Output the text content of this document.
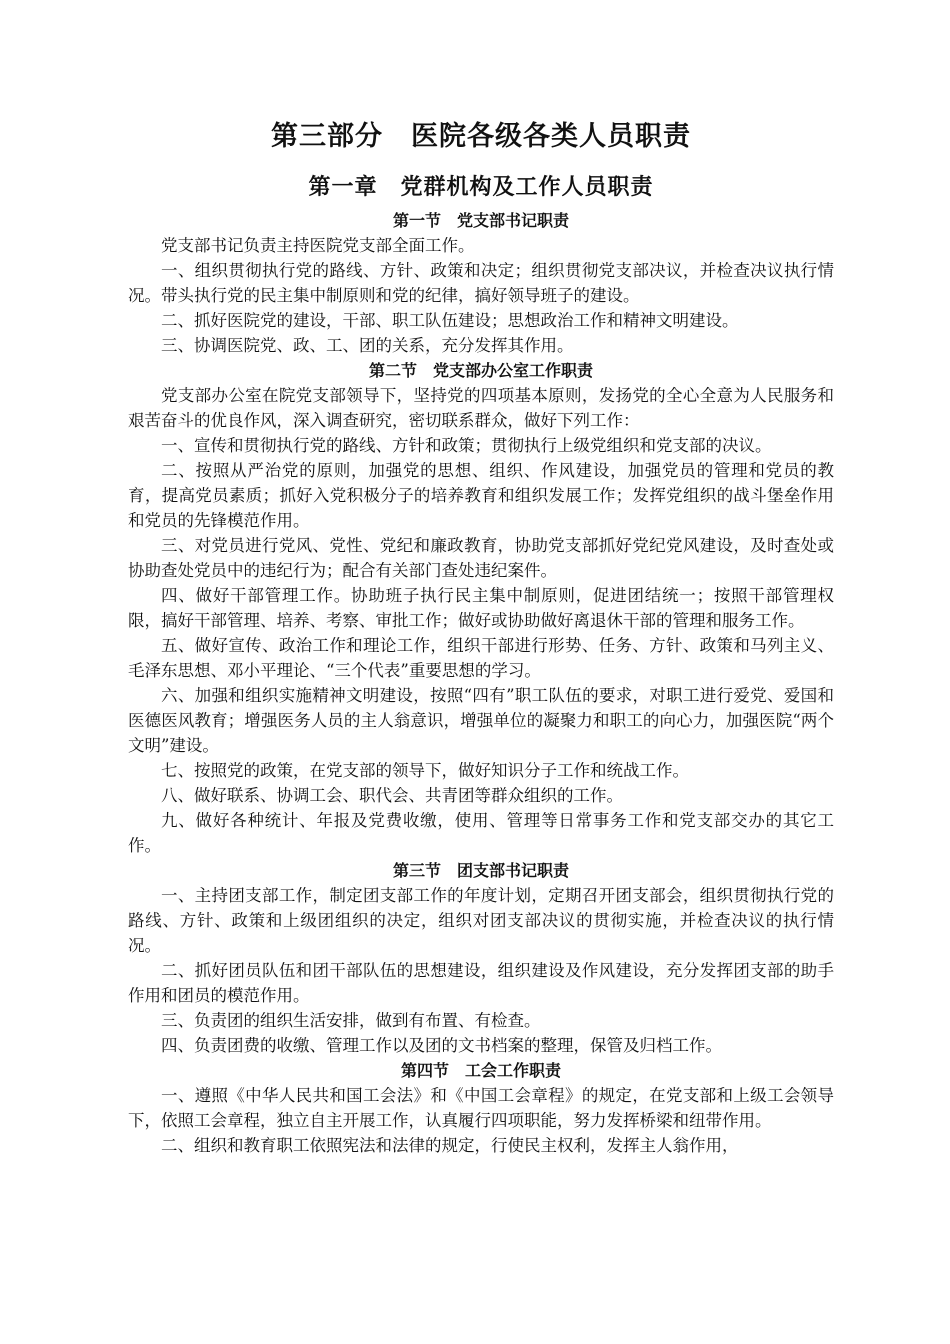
第三部分　医院各级各类人员职责
第一章　党群机构及工作人员职责
第一节　党支部书记职责

党支部书记负责主持医院党支部全面工作。

一、组织贯彻执行党的路线、方针、政策和决定；组织贯彻党支部决议，并检查决议执行情况。带头执行党的民主集中制原则和党的纪律，搞好领导班子的建设。

二、抓好医院党的建设，干部、职工队伍建设；思想政治工作和精神文明建设。

三、协调医院党、政、工、团的关系，充分发挥其作用。

第二节　党支部办公室工作职责

党支部办公室在院党支部领导下，坚持党的四项基本原则，发扬党的全心全意为人民服务和艰苦奋斗的优良作风，深入调查研究，密切联系群众，做好下列工作：

一、宣传和贯彻执行党的路线、方针和政策；贯彻执行上级党组织和党支部的决议。

二、按照从严治党的原则，加强党的思想、组织、作风建设，加强党员的管理和党员的教育，提高党员素质；抓好入党积极分子的培养教育和组织发展工作；发挥党组织的战斗堡垒作用和党员的先锋模范作用。

三、对党员进行党风、党性、党纪和廉政教育，协助党支部抓好党纪党风建设，及时查处或协助查处党员中的违纪行为；配合有关部门查处违纪案件。

四、做好干部管理工作。协助班子执行民主集中制原则，促进团结统一；按照干部管理权限，搞好干部管理、培养、考察、审批工作；做好或协助做好离退休干部的管理和服务工作。

五、做好宣传、政治工作和理论工作，组织干部进行形势、任务、方针、政策和马列主义、毛泽东思想、邓小平理论、“三个代表”重要思想的学习。

六、加强和组织实施精神文明建设，按照“四有”职工队伍的要求，对职工进行爱党、爱国和医德医风教育；增强医务人员的主人翁意识，增强单位的凝聚力和职工的向心力，加强医院“两个文明”建设。

七、按照党的政策，在党支部的领导下，做好知识分子工作和统战工作。

八、做好联系、协调工会、职代会、共青团等群众组织的工作。

九、做好各种统计、年报及党费收缴，使用、管理等日常事务工作和党支部交办的其它工作。

第三节　团支部书记职责

一、主持团支部工作，制定团支部工作的年度计划，定期召开团支部会，组织贯彻执行党的路线、方针、政策和上级团组织的决定，组织对团支部决议的贯彻实施，并检查决议的执行情况。

二、抓好团员队伍和团干部队伍的思想建设，组织建设及作风建设，充分发挥团支部的助手作用和团员的模范作用。

三、负责团的组织生活安排，做到有布置、有检查。

四、负责团费的收缴、管理工作以及团的文书档案的整理，保管及归档工作。

第四节　工会工作职责

一、遵照《中华人民共和国工会法》和《中国工会章程》的规定，在党支部和上级工会领导下，依照工会章程，独立自主开展工作，认真履行四项职能，努力发挥桥梁和纽带作用。

二、组织和教育职工依照宪法和法律的规定，行使民主权利，发挥主人翁作用，
